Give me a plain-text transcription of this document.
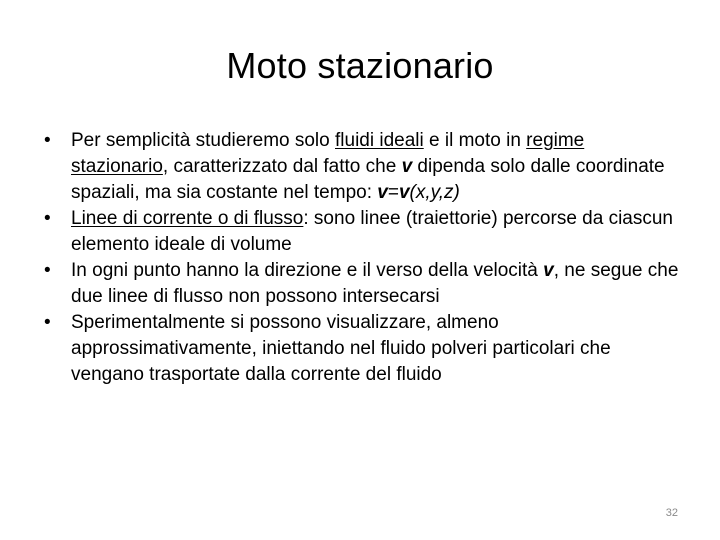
Moto stazionario
•	Per semplicità studieremo solo fluidi ideali e il moto in regime stazionario, caratterizzato dal fatto che v dipenda solo dalle coordinate spaziali, ma sia costante nel tempo: v=v(x,y,z)
•	Linee di corrente o di flusso: sono linee (traiettorie) percorse da ciascun elemento ideale di volume
•	In ogni punto hanno la direzione e il verso della velocità v, ne segue che due linee di flusso non possono intersecarsi
•	Sperimentalmente si possono visualizzare, almeno approssimativamente, iniettando nel fluido polveri particolari che vengano trasportate dalla corrente del fluido
32
